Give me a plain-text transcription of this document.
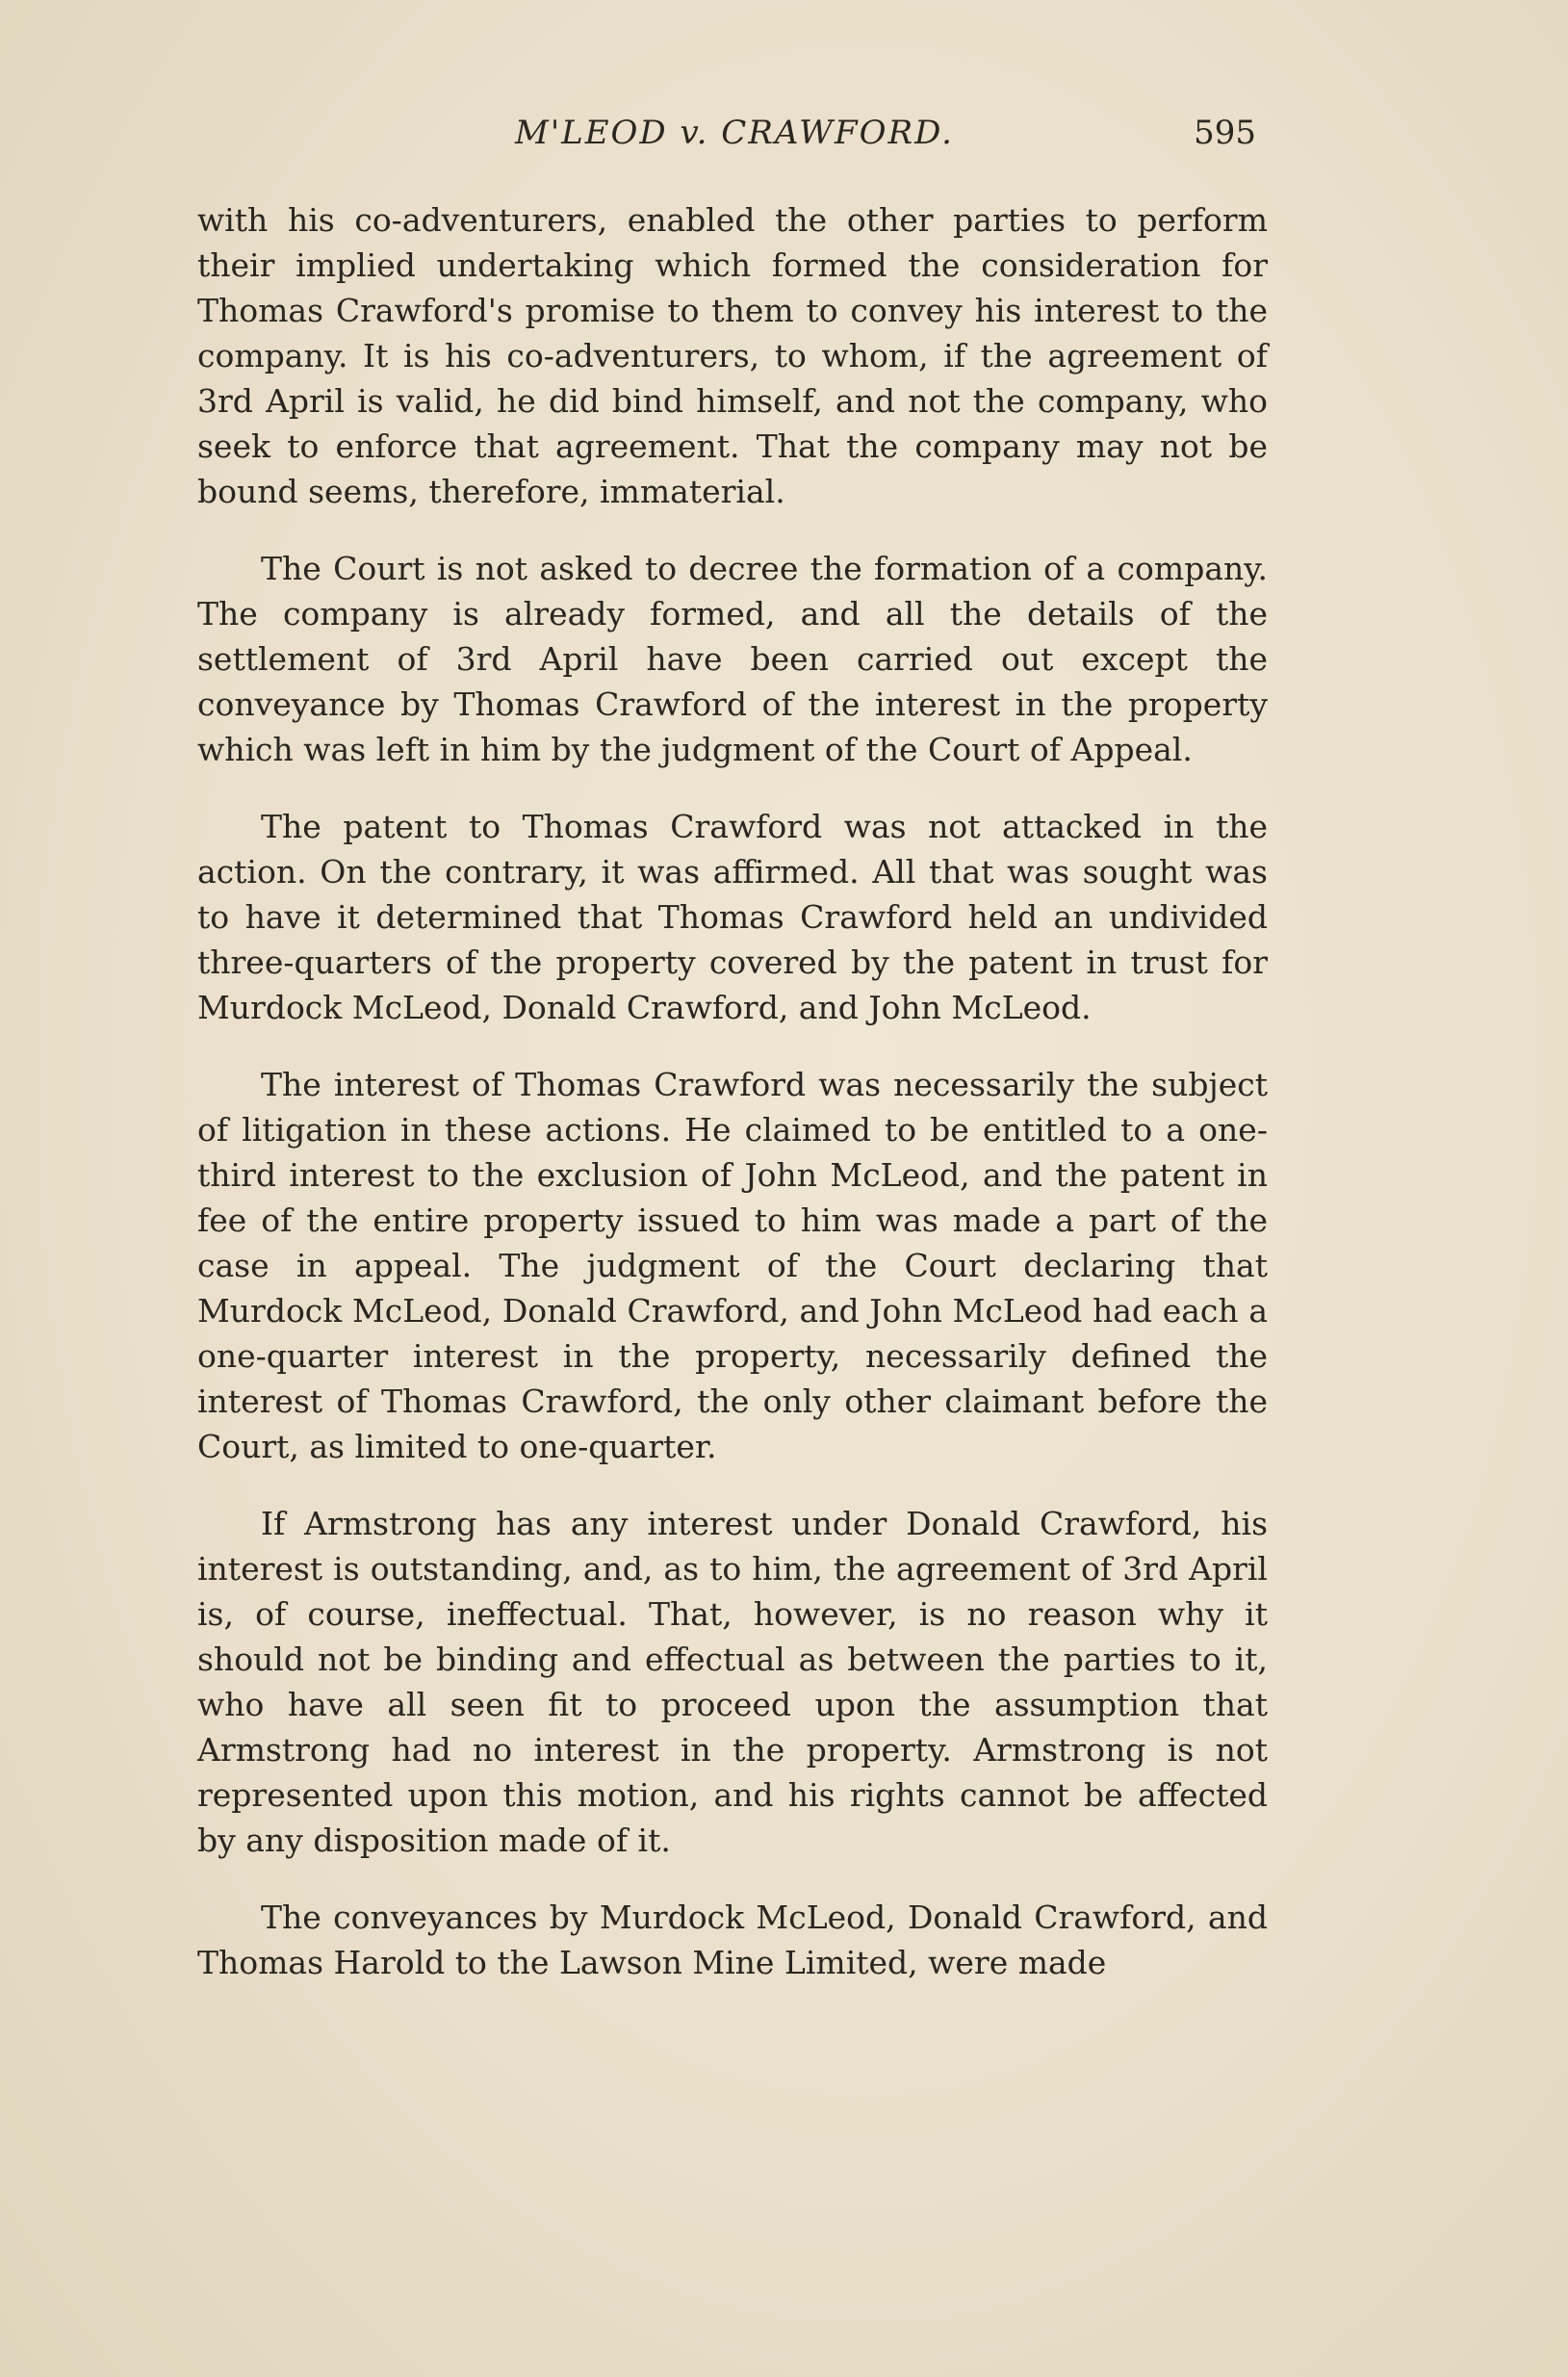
M'LEOD v. CRAWFORD.	595

with his co-adventurers, enabled the other parties to perform their implied undertaking which formed the consideration for Thomas Crawford's promise to them to convey his interest to the company. It is his co-adventurers, to whom, if the agreement of 3rd April is valid, he did bind himself, and not the company, who seek to enforce that agreement. That the company may not be bound seems, therefore, immaterial.

The Court is not asked to decree the formation of a company. The company is already formed, and all the details of the settlement of 3rd April have been carried out except the conveyance by Thomas Crawford of the interest in the property which was left in him by the judgment of the Court of Appeal.

The patent to Thomas Crawford was not attacked in the action. On the contrary, it was affirmed. All that was sought was to have it determined that Thomas Crawford held an undivided three-quarters of the property covered by the patent in trust for Murdock McLeod, Donald Crawford, and John McLeod.

The interest of Thomas Crawford was necessarily the subject of litigation in these actions. He claimed to be entitled to a one-third interest to the exclusion of John McLeod, and the patent in fee of the entire property issued to him was made a part of the case in appeal. The judgment of the Court declaring that Murdock McLeod, Donald Crawford, and John McLeod had each a one-quarter interest in the property, necessarily defined the interest of Thomas Crawford, the only other claimant before the Court, as limited to one-quarter.

If Armstrong has any interest under Donald Crawford, his interest is outstanding, and, as to him, the agreement of 3rd April is, of course, ineffectual. That, however, is no reason why it should not be binding and effectual as between the parties to it, who have all seen fit to proceed upon the assumption that Armstrong had no interest in the property. Armstrong is not represented upon this motion, and his rights cannot be affected by any disposition made of it.

The conveyances by Murdock McLeod, Donald Crawford, and Thomas Harold to the Lawson Mine Limited, were made
